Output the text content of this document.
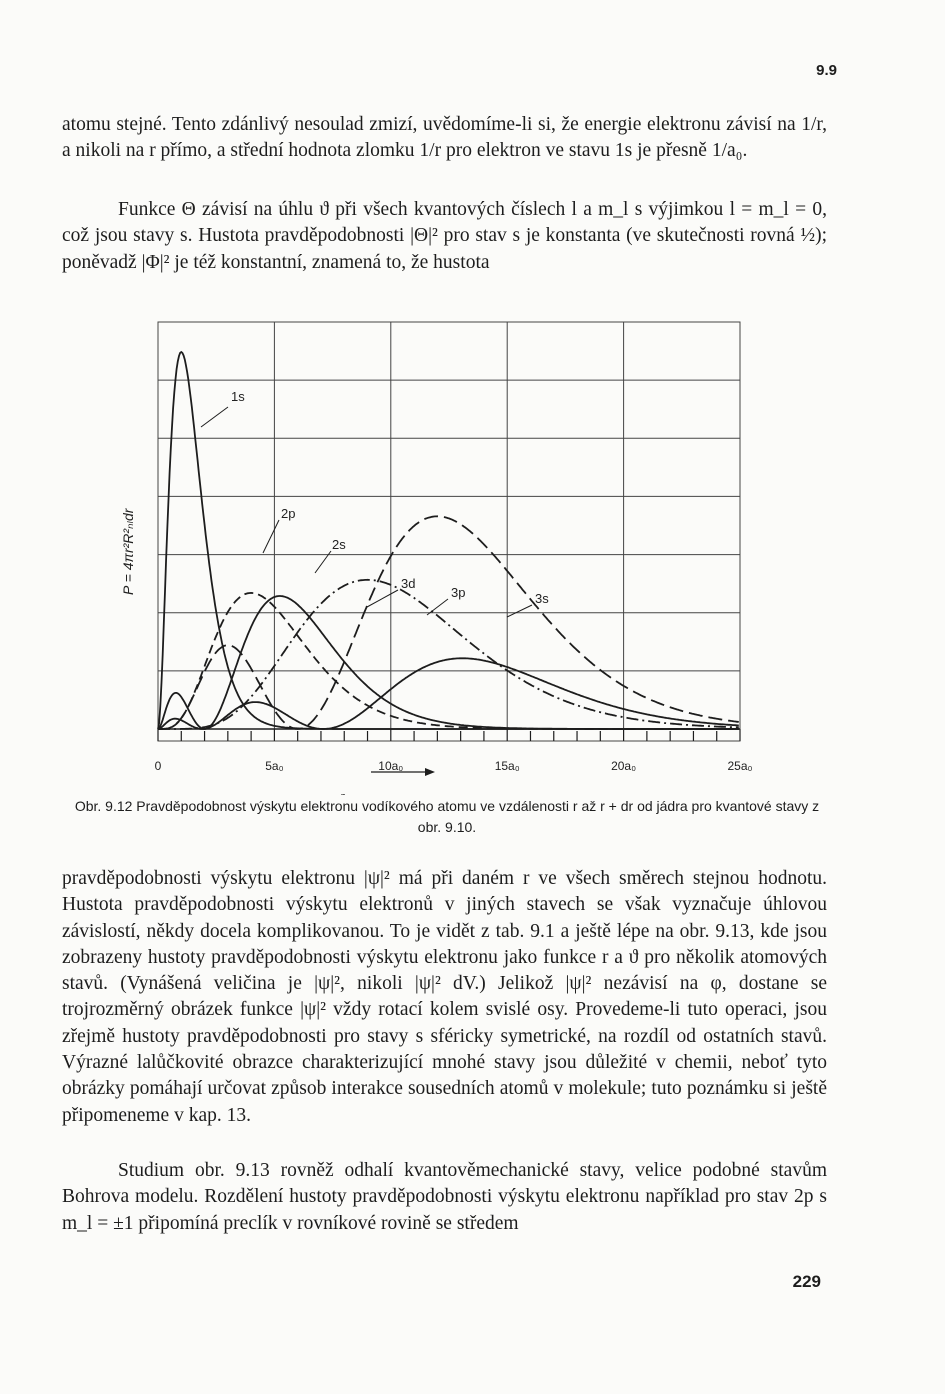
9.9

atomu stejné. Tento zdánlivý nesoulad zmizí, uvědomíme-li si, že energie elektronu závisí na 1/r, a nikoli na r přímo, a střední hodnota zlomku 1/r pro elektron ve stavu 1s je přesně 1/a₀.

Funkce Θ závisí na úhlu ϑ při všech kvantových číslech l a m_l s výjimkou l = m_l = 0, což jsou stavy s. Hustota pravděpodobnosti |Θ|² pro stav s je konstanta (ve skutečnosti rovná ½); poněvadž |Φ|² je též konstantní, znamená to, že hustota

0	5a₀	10a₀	15a₀	20a₀	25a₀
P = 4πr²R²ₙₗdr
1s
2p
2s
3d
3p	3s
Obr. 9.12 Pravděpodobnost výskytu elektronu vodíkového atomu ve vzdálenosti r až r + dr od jádra pro kvantové stavy z obr. 9.10.

pravděpodobnosti výskytu elektronu |ψ|² má při daném r ve všech směrech stejnou hodnotu. Hustota pravděpodobnosti výskytu elektronů v jiných stavech se však vyznačuje úhlovou závislostí, někdy docela komplikovanou. To je vidět z tab. 9.1 a ještě lépe na obr. 9.13, kde jsou zobrazeny hustoty pravděpodobnosti výskytu elektronu jako funkce r a ϑ pro několik atomových stavů. (Vynášená veličina je |ψ|², nikoli |ψ|² dV.) Jelikož |ψ|² nezávisí na φ, dostane se trojrozměrný obrázek funkce |ψ|² vždy rotací kolem svislé osy. Provedeme-li tuto operaci, jsou zřejmě hustoty pravděpodobnosti pro stavy s sféricky symetrické, na rozdíl od ostatních stavů. Výrazné lalůčkovité obrazce charakterizující mnohé stavy jsou důležité v chemii, neboť tyto obrázky pomáhají určovat způsob interakce sousedních atomů v molekule; tuto poznámku si ještě připomeneme v kap. 13.

Studium obr. 9.13 rovněž odhalí kvantověmechanické stavy, velice podobné stavům Bohrova modelu. Rozdělení hustoty pravděpodobnosti výskytu elektronu například pro stav 2p s m_l = ±1 připomíná preclík v rovníkové rovině se středem

229
